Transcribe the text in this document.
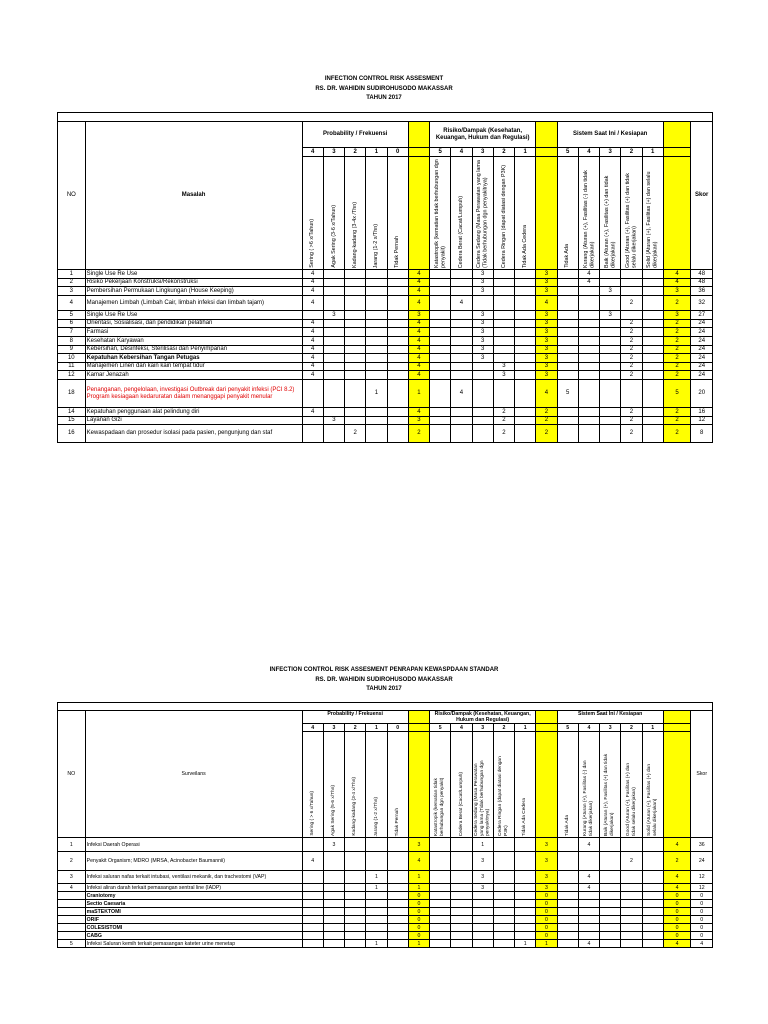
INFECTION CONTROL RISK ASSESMENT
RS. DR. WAHIDIN SUDIROHUSODO MAKASSAR
TAHUN 2017

NO	Masalah	Probability / Frekuensi						Risiko/Dampak (Kesehatan, Keuangan, Hukum dan Regulasi)						Sistem Saat Ini / Kesiapan						Skor
		4	3	2	1	0		5	4	3	2	1		5	4	3	2	1		

		Sering ( >6 x/Tahun)	Agak Sering (3-6 x/Tahun)	Kadang-kadang (3-4x /Thn)	Jarang (1-2 x/Thn)	Tidak Pernah		Katastropik (kematian tidak berhubungan dgn penyakit)	Cedera Berat (Cacat/Lumpuh)	Cedera Sedang (Masa Perawatan yang lama (Tidak berhubungan dgn penyakitnya)	Cedera Ringan (dapat diatasi dengan P3K)	Tidak Ada Cedera		Tidak Ada	Kurang (Aturan (+), Fasilitas (-) dan tidak dikerjakan)	Baik (Aturan (+), Fasilitas (+) dan tidak dikerjakan)	Good (Aturan (+), Fasilitas (+) dan tidak selalu dikerjakan)	Solid (Aturan (+), Fasilitas (+) dan selalu dikerjakan)		

1	Single Use Re Use	4					4			3			3		4				4	48
2	Risiko Pekerjaan Konstruksi/Rekonstruksi	4					4			3			3		4				4	48
3	Pembersihan Permukaan Lingkungan (House Keeping)	4					4			3			3			3			3	36
4	Manajemen Limbah (Limbah Cair, limbah infeksi dan limbah tajam)	4					4		4				4				2		2	32
5	Single Use Re Use		3				3			3			3			3			3	27
6	Orientasi, Sosialisasi, dan pendidikan pelatihan	4					4			3			3				2		2	24
7	Farmasi	4					4			3			3				2		2	24
8	Kesehatan Karyawan	4					4			3			3				2		2	24
9	Kebersihan, Desinfeksi, Sterilisasi dan Penyimpanan	4					4			3			3				2		2	24
10	Kepatuhan Kebersihan Tangan Petugas	4					4			3			3				2		2	24
11	Manajemen Linen dan kain kain tempat tidur	4					4				3		3				2		2	24
12	Kamar Jenazah	4					4				3		3				2		2	24
18	Penanganan, pengelolaan, investigasi Outbreak dari penyakit infeksi (PCI 8.2) Program kesiagaan kedaruratan dalam menanggapi penyakit menular				1		1		4				4	5					5	20
14	Kepatuhan penggunaan alat pelindung diri	4					4				2		2				2		2	16
15	Layanan Gizi		3				3				2		2				2		2	12
16	Kewaspadaan dan prosedur isolasi pada pasien, pengunjung dan staf			2			2				2		2				2		2	8
INFECTION CONTROL RISK ASSESMENT PENRAPAN KEWASPDAAN STANDAR
RS. DR. WAHIDIN SUDIROHUSODO MAKASSAR
TAHUN 2017

NO	Surveilans	Probability / Frekuensi						Risiko/Dampak (Kesehatan, Keuangan, Hukum dan Regulasi)						Sistem Saat Ini / Kesiapan						Skor
		4	3	2	1	0		5	4	3	2	1		5	4	3	2	1		

		Sering ( > 6 x/Tahun)	Agak Sering (5-6 x/Thn)	Kadang-kadang (3-4 x/Thn)	Jarang (1-2 x/Thn)	Tidak Pernah		Katastropik (kematian tidak berhubungan dgn penyakit)	Cedera Berat (Cacat/Lumpuh)	Cedera Sedang (Masa Perawatan yang lama (Tidak berhubungan dgn penyakitnya)	Cedera Ringan (dapat diatasi dengan P3K)	Tidak Ada Cedera		Tidak Ada	Kurang (Aturan (+), Fasilitas (-) dan tidak dikerjakan)	Baik (Aturan (+), Fasilitas (+) dan tidak dikerjakan)	Good (Aturan (+), Fasilitas (+) dan tidak selalu dikerjakan)	Solid (Aturan (+), Fasilitas (+) dan selalu dikerjakan)		

1	Infeksi Daerah Operasi		3				3			1			3		4				4	36
2	Penyakit Organism; MDRO (MRSA, Acinobacter Baumannii)	4					4			3			3				2		2	24
3	Infeksi saluran nafas terkait intubasi, ventilasi mekanik, dan trachestomi (VAP)				1		1			3			3		4				4	12
4	Infeksi aliran darah terkait pemasangan sentral line (IADP)				1		1			3			3		4				4	12
	Craniotomy						0						0						0	0
	Sectio Caesaria						0						0						0	0
	maSTEKTOMI						0						0						0	0
	ORIF						0						0						0	0
	COLESISTOMI						0						0						0	0
	CABG						0						0						0	0
5	Infeksi Saluran kemih terkait pemasangan kateter urine menetap				1		1					1	1		4				4	4
